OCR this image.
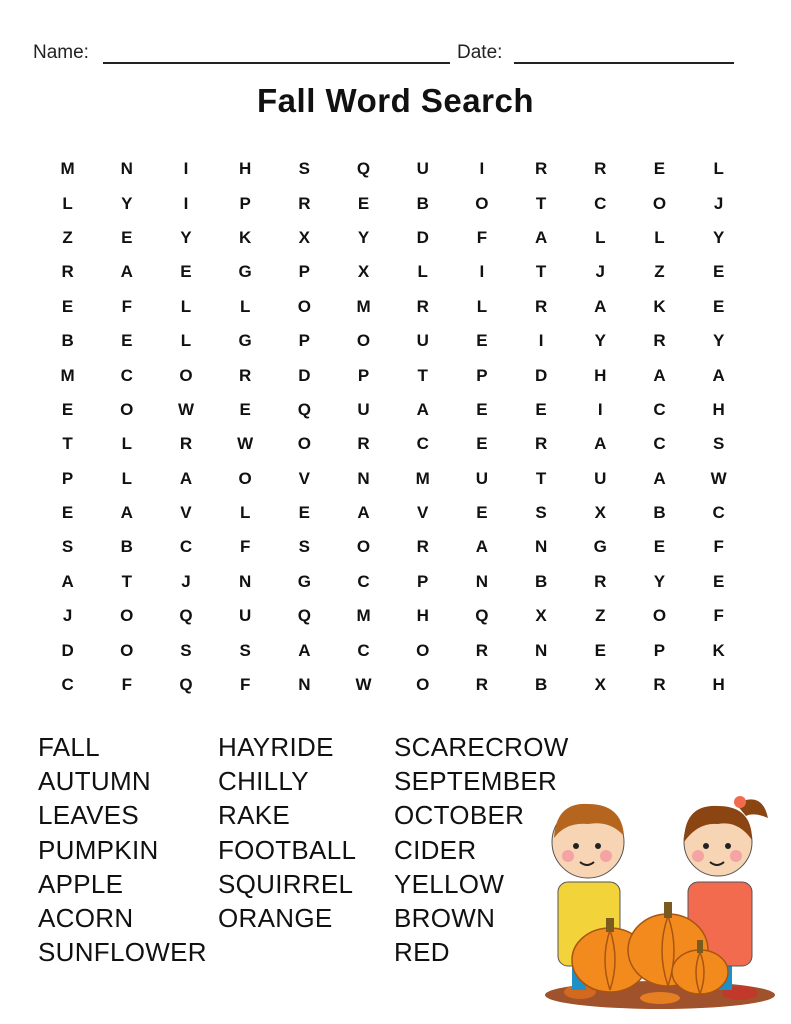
Name:	Date:
Fall Word Search
M	N	I	H	S	Q	U	I	R	R	E	L
L	Y	I	P	R	E	B	O	T	C	O	J
Z	E	Y	K	X	Y	D	F	A	L	L	Y
R	A	E	G	P	X	L	I	T	J	Z	E
E	F	L	L	O	M	R	L	R	A	K	E
B	E	L	G	P	O	U	E	I	Y	R	Y
M	C	O	R	D	P	T	P	D	H	A	A
E	O	W	E	Q	U	A	E	E	I	C	H
T	L	R	W	O	R	C	E	R	A	C	S
P	L	A	O	V	N	M	U	T	U	A	W
E	A	V	L	E	A	V	E	S	X	B	C
S	B	C	F	S	O	R	A	N	G	E	F
A	T	J	N	G	C	P	N	B	R	Y	E
J	O	Q	U	Q	M	H	Q	X	Z	O	F
D	O	S	S	A	C	O	R	N	E	P	K
C	F	Q	F	N	W	O	R	B	X	R	H
FALL
AUTUMN
LEAVES
PUMPKIN
APPLE
ACORN
SUNFLOWER
HAYRIDE
CHILLY
RAKE
FOOTBALL
SQUIRREL
ORANGE
SCARECROW
SEPTEMBER
OCTOBER
CIDER
YELLOW
BROWN
RED
